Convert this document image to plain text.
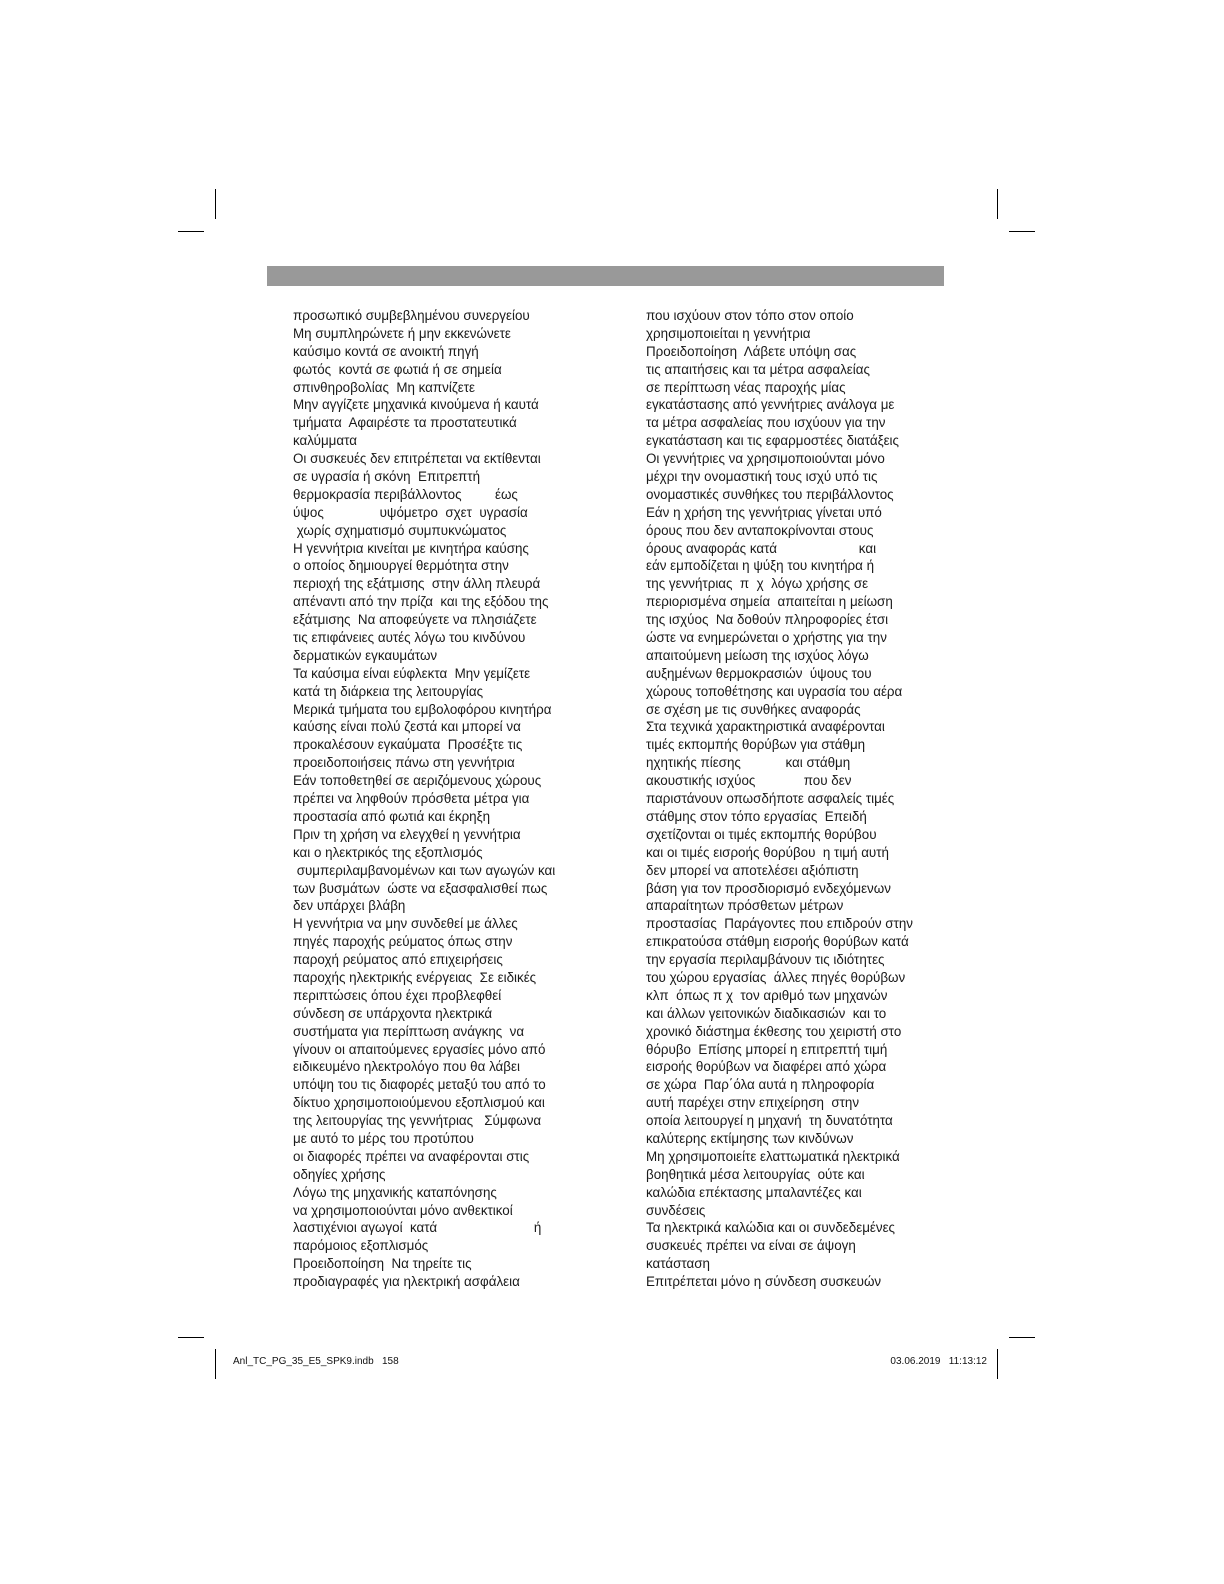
προσωπικό συμβεβλημένου συνεργείου
Μη συμπληρώνετε ή μην εκκενώνετε
καύσιμο κοντά σε ανοικτή πηγή
φωτός  κοντά σε φωτιά ή σε σημεία
σπινθηροβολίας  Μη καπνίζετε
Μην αγγίζετε μηχανικά κινούμενα ή καυτά
τμήματα  Αφαιρέστε τα προστατευτικά
καλύμματα
Οι συσκευές δεν επιτρέπεται να εκτίθενται
σε υγρασία ή σκόνη  Επιτρεπτή
θερμοκρασία περιβάλλοντος         έως
ύψος               υψόμετρο  σχετ  υγρασία
χωρίς σχηματισμό συμπυκνώματος
Η γεννήτρια κινείται με κινητήρα καύσης
ο οποίος δημιουργεί θερμότητα στην
περιοχή της εξάτμισης  στην άλλη πλευρά
απέναντι από την πρίζα  και της εξόδου της
εξάτμισης  Να αποφεύγετε να πλησιάζετε
τις επιφάνειες αυτές λόγω του κινδύνου
δερματικών εγκαυμάτων
Τα καύσιμα είναι εύφλεκτα  Μην γεμίζετε
κατά τη διάρκεια της λειτουργίας
Μερικά τμήματα του εμβολοφόρου κινητήρα
καύσης είναι πολύ ζεστά και μπορεί να
προκαλέσουν εγκαύματα  Προσέξτε τις
προειδοποιήσεις πάνω στη γεννήτρια
Εάν τοποθετηθεί σε αεριζόμενους χώρους
πρέπει να ληφθούν πρόσθετα μέτρα για
προστασία από φωτιά και έκρηξη
Πριν τη χρήση να ελεγχθεί η γεννήτρια
και ο ηλεκτρικός της εξοπλισμός
συμπεριλαμβανομένων και των αγωγών και
των βυσμάτων  ώστε να εξασφαλισθεί πως
δεν υπάρχει βλάβη
Η γεννήτρια να μην συνδεθεί με άλλες
πηγές παροχής ρεύματος όπως στην
παροχή ρεύματος από επιχειρήσεις
παροχής ηλεκτρικής ενέργειας  Σε ειδικές
περιπτώσεις όπου έχει προβλεφθεί
σύνδεση σε υπάρχοντα ηλεκτρικά
συστήματα για περίπτωση ανάγκης  να
γίνουν οι απαιτούμενες εργασίες μόνο από
ειδικευμένο ηλεκτρολόγο που θα λάβει
υπόψη του τις διαφορές μεταξύ του από το
δίκτυο χρησιμοποιούμενου εξοπλισμού και
της λειτουργίας της γεννήτριας   Σύμφωνα
με αυτό το μέρς του προτύπου
οι διαφορές πρέπει να αναφέρονται στις
οδηγίες χρήσης
Λόγω της μηχανικής καταπόνησης
να χρησιμοποιούνται μόνο ανθεκτικοί
λαστιχένιοι αγωγοί  κατά                          ή
παρόμοιος εξοπλισμός
Προειδοποίηση  Να τηρείτε τις
προδιαγραφές για ηλεκτρική ασφάλεια
που ισχύουν στον τόπο στον οποίο
χρησιμοποιείται η γεννήτρια
Προειδοποίηση  Λάβετε υπόψη σας
τις απαιτήσεις και τα μέτρα ασφαλείας
σε περίπτωση νέας παροχής μίας
εγκατάστασης από γεννήτριες ανάλογα με
τα μέτρα ασφαλείας που ισχύουν για την
εγκατάσταση και τις εφαρμοστέες διατάξεις
Οι γεννήτριες να χρησιμοποιούνται μόνο
μέχρι την ονομαστική τους ισχύ υπό τις
ονομαστικές συνθήκες του περιβάλλοντος
Εάν η χρήση της γεννήτριας γίνεται υπό
όρους που δεν ανταποκρίνονται στους
όρους αναφοράς κατά                      και
εάν εμποδίζεται η ψύξη του κινητήρα ή
της γεννήτριας  π  χ  λόγω χρήσης σε
περιορισμένα σημεία  απαιτείται η μείωση
της ισχύος  Να δοθούν πληροφορίες έτσι
ώστε να ενημερώνεται ο χρήστης για την
απαιτούμενη μείωση της ισχύος λόγω
αυξημένων θερμοκρασιών  ύψους του
χώρους τοποθέτησης και υγρασία του αέρα
σε σχέση με τις συνθήκες αναφοράς
Στα τεχνικά χαρακτηριστικά αναφέρονται
τιμές εκπομπής θορύβων για στάθμη
ηχητικής πίεσης            και στάθμη
ακουστικής ισχύος             που δεν
παριστάνουν οπωσδήποτε ασφαλείς τιμές
στάθμης στον τόπο εργασίας  Επειδή
σχετίζονται οι τιμές εκπομπής θορύβου
και οι τιμές εισροής θορύβου  η τιμή αυτή
δεν μπορεί να αποτελέσει αξιόπιστη
βάση για τον προσδιορισμό ενδεχόμενων
απαραίτητων πρόσθετων μέτρων
προστασίας  Παράγοντες που επιδρούν στην
επικρατούσα στάθμη εισροής θορύβων κατά
την εργασία περιλαμβάνουν τις ιδιότητες
του χώρου εργασίας  άλλες πηγές θορύβων
κλπ  όπως π χ  τον αριθμό των μηχανών
και άλλων γειτονικών διαδικασιών  και το
χρονικό διάστημα έκθεσης του χειριστή στο
θόρυβο  Επίσης μπορεί η επιτρεπτή τιμή
εισροής θορύβων να διαφέρει από χώρα
σε χώρα  Παρ΄όλα αυτά η πληροφορία
αυτή παρέχει στην επιχείρηση  στην
οποία λειτουργεί η μηχανή  τη δυνατότητα
καλύτερης εκτίμησης των κινδύνων
Μη χρησιμοποιείτε ελαττωματικά ηλεκτρικά
βοηθητικά μέσα λειτουργίας  ούτε και
καλώδια επέκτασης μπαλαντέζες και
συνδέσεις
Τα ηλεκτρικά καλώδια και οι συνδεδεμένες
συσκευές πρέπει να είναι σε άψογη
κατάσταση
Επιτρέπεται μόνο η σύνδεση συσκευών
Anl_TC_PG_35_E5_SPK9.indb   158	03.06.2019   11:13:12
